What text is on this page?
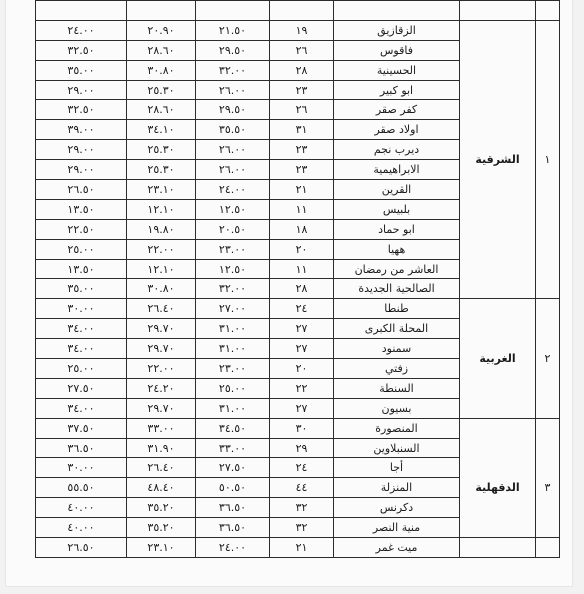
١	الشرقية	الزقازيق	١٩	٢١.٥٠	٢٠.٩٠	٢٤.٠٠
		فاقوس	٢٦	٢٩.٥٠	٢٨.٦٠	٣٢.٥٠
		الحسينية	٢٨	٣٢.٠٠	٣٠.٨٠	٣٥.٠٠
		ابو كبير	٢٣	٢٦.٠٠	٢٥.٣٠	٢٩.٠٠
		كفر صقر	٢٦	٢٩.٥٠	٢٨.٦٠	٣٢.٥٠
		اولاد صقر	٣١	٣٥.٥٠	٣٤.١٠	٣٩.٠٠
		ديرب نجم	٢٣	٢٦.٠٠	٢٥.٣٠	٢٩.٠٠
		الابراهيمية	٢٣	٢٦.٠٠	٢٥.٣٠	٢٩.٠٠
		القرين	٢١	٢٤.٠٠	٢٣.١٠	٢٦.٥٠
		بلبيس	١١	١٢.٥٠	١٢.١٠	١٣.٥٠
		ابو حماد	١٨	٢٠.٥٠	١٩.٨٠	٢٢.٥٠
		ههيا	٢٠	٢٣.٠٠	٢٢.٠٠	٢٥.٠٠
		العاشر من رمضان	١١	١٢.٥٠	١٢.١٠	١٣.٥٠
		الصالحية الجديدة	٢٨	٣٢.٠٠	٣٠.٨٠	٣٥.٠٠
٢	الغربية	طنطا	٢٤	٢٧.٠٠	٢٦.٤٠	٣٠.٠٠
		المحلة الكبرى	٢٧	٣١.٠٠	٢٩.٧٠	٣٤.٠٠
		سمنود	٢٧	٣١.٠٠	٢٩.٧٠	٣٤.٠٠
		زفتي	٢٠	٢٣.٠٠	٢٢.٠٠	٢٥.٠٠
		السنطة	٢٢	٢٥.٠٠	٢٤.٢٠	٢٧.٥٠
		بسيون	٢٧	٣١.٠٠	٢٩.٧٠	٣٤.٠٠
٣	الدقهلية	المنصورة	٣٠	٣٤.٥٠	٣٣.٠٠	٣٧.٥٠
		السنبلاوين	٢٩	٣٣.٠٠	٣١.٩٠	٣٦.٥٠
		أجا	٢٤	٢٧.٥٠	٢٦.٤٠	٣٠.٠٠
		المنزلة	٤٤	٥٠.٥٠	٤٨.٤٠	٥٥.٥٠
		دكرنس	٣٢	٣٦.٥٠	٣٥.٢٠	٤٠.٠٠
		منية النصر	٣٢	٣٦.٥٠	٣٥.٢٠	٤٠.٠٠
		ميت غمر	٢١	٢٤.٠٠	٢٣.١٠	٢٦.٥٠
